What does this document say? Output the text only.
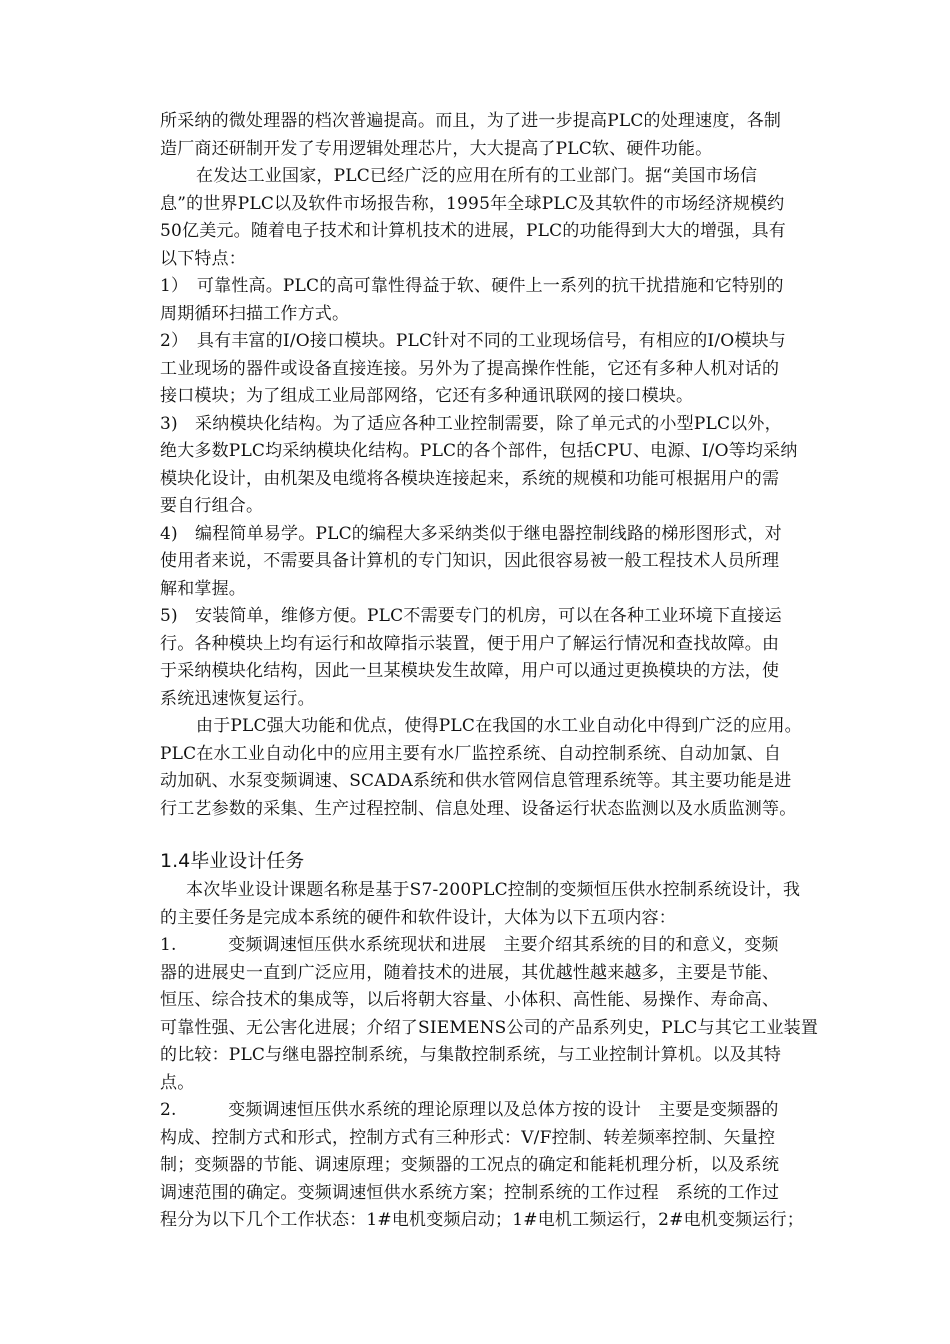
所采纳的微处理器的档次普遍提高。而且，为了进一步提高PLC的处理速度，各制
造厂商还研制开发了专用逻辑处理芯片，大大提高了PLC软、硬件功能。
在发达工业国家，PLC已经广泛的应用在所有的工业部门。据“美国市场信
息”的世界PLC以及软件市场报告称，1995年全球PLC及其软件的市场经济规模约
50亿美元。随着电子技术和计算机技术的进展，PLC的功能得到大大的增强，具有
以下特点：
1）　可靠性高。PLC的高可靠性得益于软、硬件上一系列的抗干扰措施和它特别的
周期循环扫描工作方式。
2）　具有丰富的I/O接口模块。PLC针对不同的工业现场信号，有相应的I/O模块与
工业现场的器件或设备直接连接。另外为了提高操作性能，它还有多种人机对话的
接口模块；为了组成工业局部网络，它还有多种通讯联网的接口模块。
3)　采纳模块化结构。为了适应各种工业控制需要，除了单元式的小型PLC以外，
绝大多数PLC均采纳模块化结构。PLC的各个部件，包括CPU、电源、I/O等均采纳
模块化设计，由机架及电缆将各模块连接起来，系统的规模和功能可根据用户的需
要自行组合。
4)　编程简单易学。PLC的编程大多采纳类似于继电器控制线路的梯形图形式，对
使用者来说，不需要具备计算机的专门知识，因此很容易被一般工程技术人员所理
解和掌握。
5)　安装简单，维修方便。PLC不需要专门的机房，可以在各种工业环境下直接运
行。各种模块上均有运行和故障指示装置，便于用户了解运行情况和查找故障。由
于采纳模块化结构，因此一旦某模块发生故障，用户可以通过更换模块的方法，使
系统迅速恢复运行。
由于PLC强大功能和优点，使得PLC在我国的水工业自动化中得到广泛的应用。
PLC在水工业自动化中的应用主要有水厂监控系统、自动控制系统、自动加氯、自
动加矾、水泵变频调速、SCADA系统和供水管网信息管理系统等。其主要功能是进
行工艺参数的采集、生产过程控制、信息处理、设备运行状态监测以及水质监测等。
1.4毕业设计任务
本次毕业设计课题名称是基于S7-200PLC控制的变频恒压供水控制系统设计，我
的主要任务是完成本系统的硬件和软件设计，大体为以下五项内容：
1.　　　变频调速恒压供水系统现状和进展　主要介绍其系统的目的和意义，变频
器的进展史一直到广泛应用，随着技术的进展，其优越性越来越多，主要是节能、
恒压、综合技术的集成等，以后将朝大容量、小体积、高性能、易操作、寿命高、
可靠性强、无公害化进展；介绍了SIEMENS公司的产品系列史，PLC与其它工业装置
的比较：PLC与继电器控制系统，与集散控制系统，与工业控制计算机。以及其特
点。
2.　　　变频调速恒压供水系统的理论原理以及总体方按的设计　主要是变频器的
构成、控制方式和形式，控制方式有三种形式：V/F控制、转差频率控制、矢量控
制；变频器的节能、调速原理；变频器的工况点的确定和能耗机理分析，以及系统
调速范围的确定。变频调速恒供水系统方案；控制系统的工作过程　系统的工作过
程分为以下几个工作状态：1#电机变频启动；1#电机工频运行，2#电机变频运行；
